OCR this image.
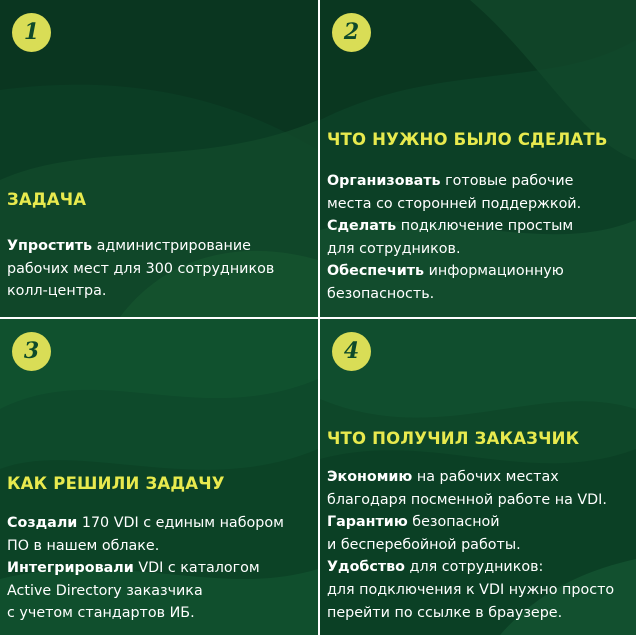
1
ЗАДАЧА
Упростить администрирование
рабочих мест для 300 сотрудников
колл-центра.
2
ЧТО НУЖНО БЫЛО СДЕЛАТЬ
Организовать готовые рабочие
места со сторонней поддержкой.
Сделать подключение простым
для сотрудников.
Обеспечить информационную
безопасность.
3
КАК РЕШИЛИ ЗАДАЧУ
Создали 170 VDI с единым набором
ПО в нашем облаке.
Интегрировали VDI с каталогом
Active Directory заказчика
с учетом стандартов ИБ.
4
ЧТО ПОЛУЧИЛ ЗАКАЗЧИК
Экономию на рабочих местах
благодаря посменной работе на VDI.
Гарантию безопасной
и бесперебойной работы.
Удобство для сотрудников:
для подключения к VDI нужно просто
перейти по ссылке в браузере.
